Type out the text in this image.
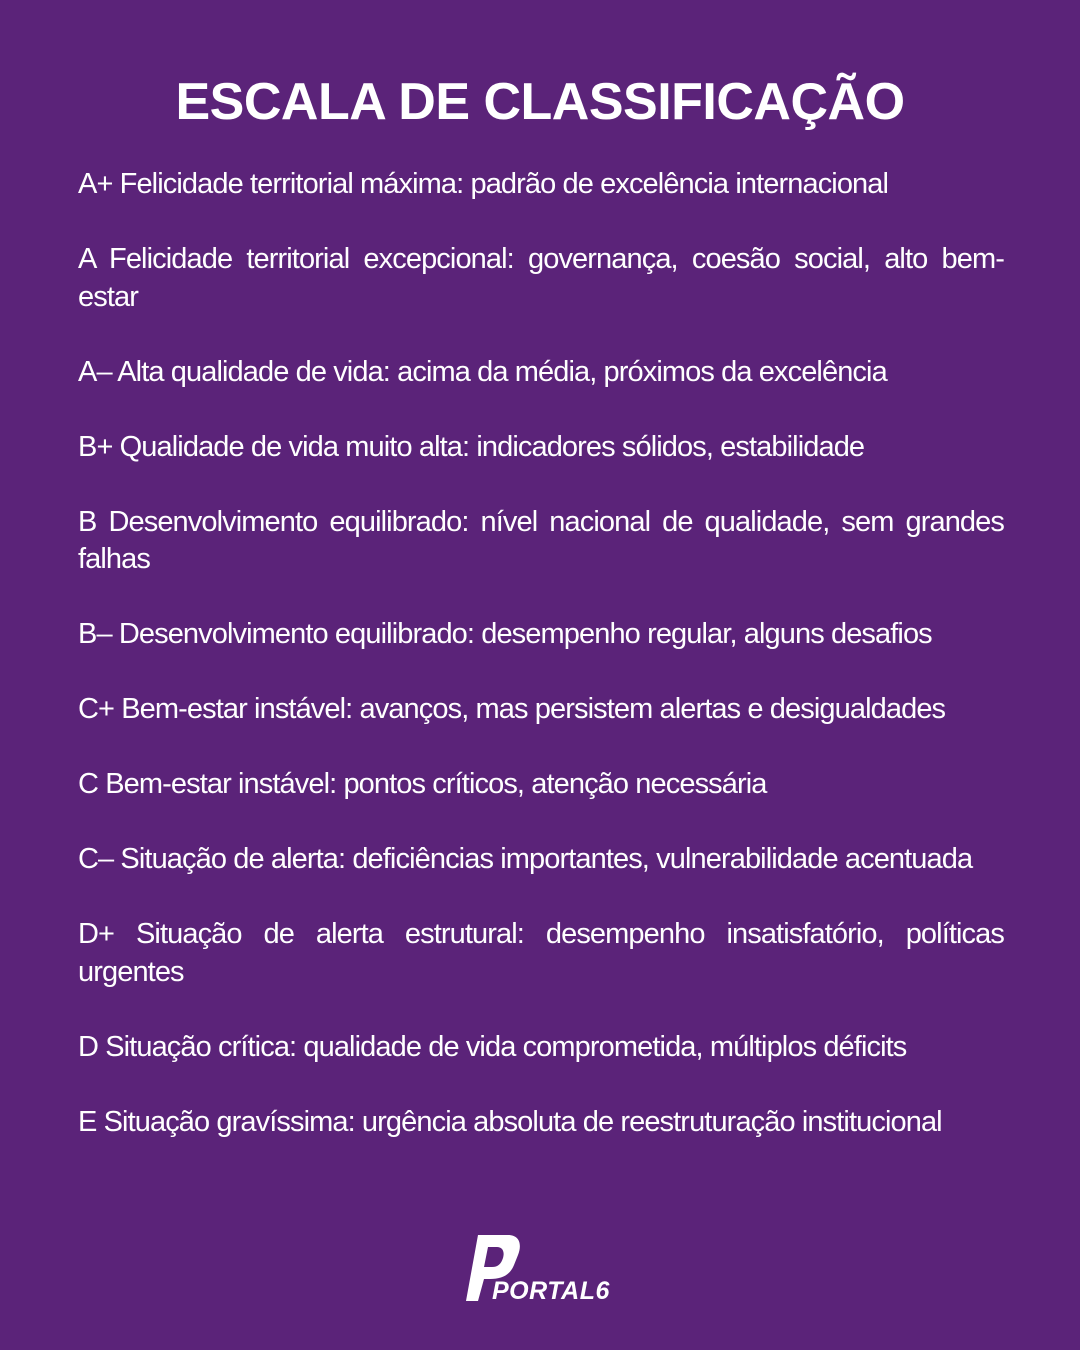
ESCALA DE CLASSIFICAÇÃO
A+ Felicidade territorial máxima: padrão de excelência internacional
A Felicidade territorial excepcional: governança, coesão social, alto bem-estar
A– Alta qualidade de vida: acima da média, próximos da excelência
B+ Qualidade de vida muito alta: indicadores sólidos, estabilidade
B Desenvolvimento equilibrado: nível nacional de qualidade, sem grandes falhas
B– Desenvolvimento equilibrado: desempenho regular, alguns desafios
C+ Bem-estar instável: avanços, mas persistem alertas e desigualdades
C Bem-estar instável: pontos críticos, atenção necessária
C– Situação de alerta: deficiências importantes, vulnerabilidade acentuada
D+ Situação de alerta estrutural: desempenho insatisfatório, políticas urgentes
D Situação crítica: qualidade de vida comprometida, múltiplos déficits
E Situação gravíssima: urgência absoluta de reestruturação institucional
PORTAL6
